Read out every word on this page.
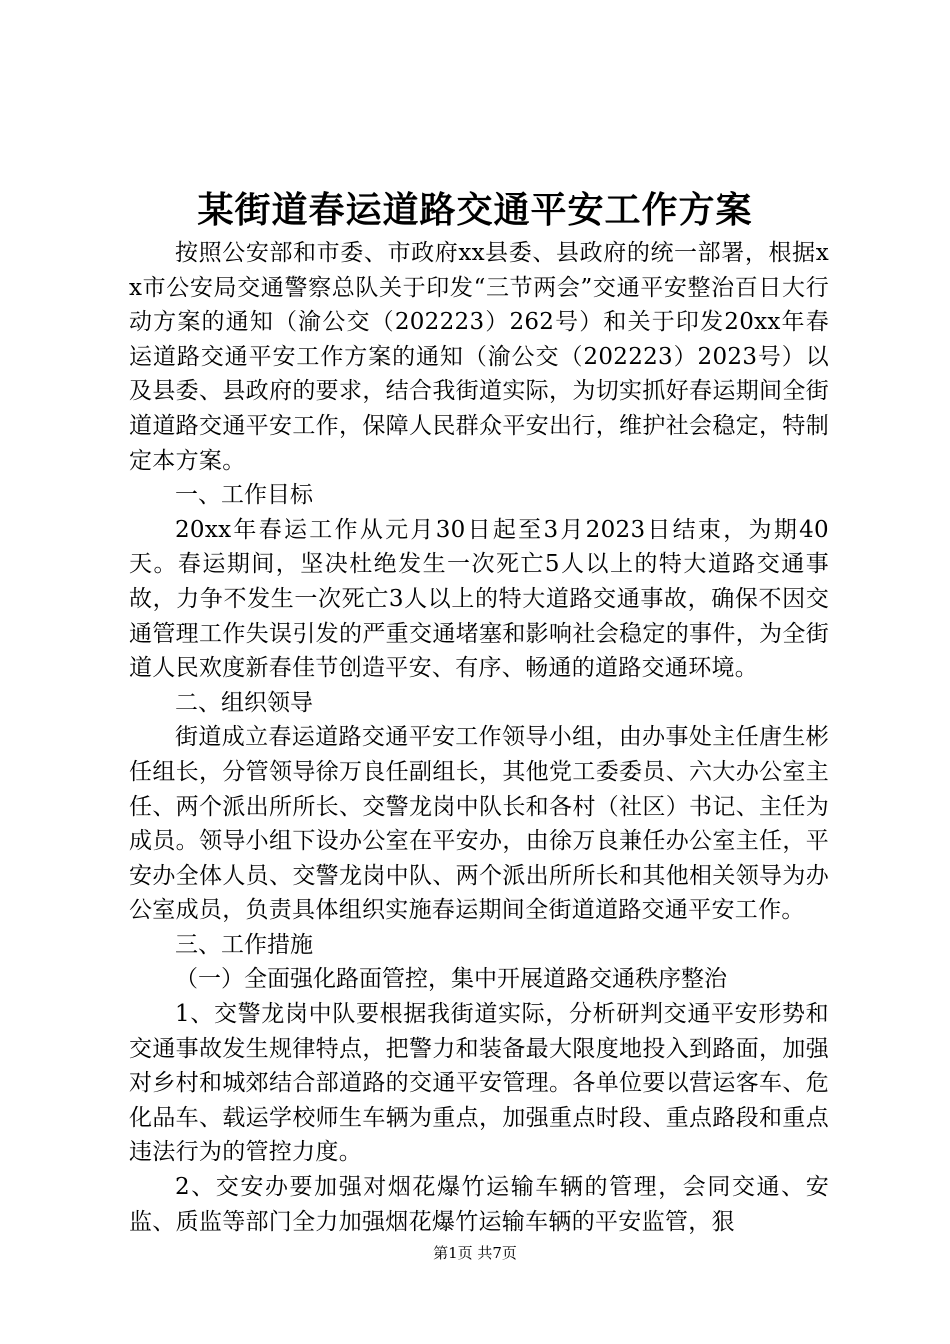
某街道春运道路交通平安工作方案

按照公安部和市委、市政府xx县委、县政府的统一部署，根据xx市公安局交通警察总队关于印发“三节两会”交通平安整治百日大行动方案的通知（渝公交（202223）262号）和关于印发20xx年春运道路交通平安工作方案的通知（渝公交（202223）2023号）以及县委、县政府的要求，结合我街道实际，为切实抓好春运期间全街道道路交通平安工作，保障人民群众平安出行，维护社会稳定，特制定本方案。

一、工作目标

20xx年春运工作从元月30日起至3月2023日结束，为期40天。春运期间，坚决杜绝发生一次死亡5人以上的特大道路交通事故，力争不发生一次死亡3人以上的特大道路交通事故，确保不因交通管理工作失误引发的严重交通堵塞和影响社会稳定的事件，为全街道人民欢度新春佳节创造平安、有序、畅通的道路交通环境。

二、组织领导

街道成立春运道路交通平安工作领导小组，由办事处主任唐生彬任组长，分管领导徐万良任副组长，其他党工委委员、六大办公室主任、两个派出所所长、交警龙岗中队长和各村（社区）书记、主任为成员。领导小组下设办公室在平安办，由徐万良兼任办公室主任，平安办全体人员、交警龙岗中队、两个派出所所长和其他相关领导为办公室成员，负责具体组织实施春运期间全街道道路交通平安工作。

三、工作措施

（一）全面强化路面管控，集中开展道路交通秩序整治

1、交警龙岗中队要根据我街道实际，分析研判交通平安形势和交通事故发生规律特点，把警力和装备最大限度地投入到路面，加强对乡村和城郊结合部道路的交通平安管理。各单位要以营运客车、危化品车、载运学校师生车辆为重点，加强重点时段、重点路段和重点违法行为的管控力度。

2、交安办要加强对烟花爆竹运输车辆的管理，会同交通、安监、质监等部门全力加强烟花爆竹运输车辆的平安监管，狠

第1页 共7页
